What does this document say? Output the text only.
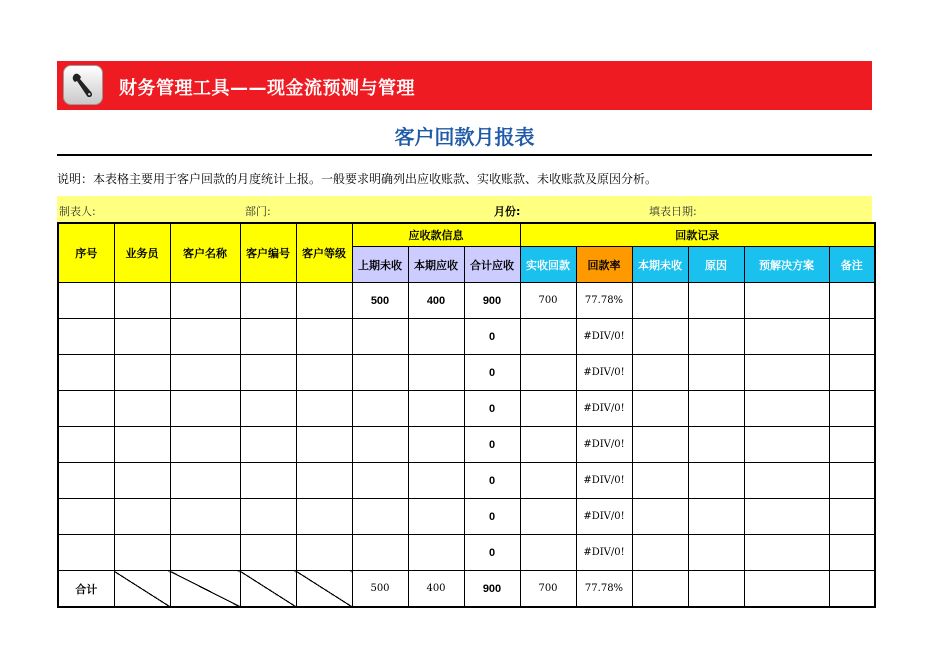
财务管理工具——现金流预测与管理
客户回款月报表
说明：本表格主要用于客户回款的月度统计上报。一般要求明确列出应收账款、实收账款、未收账款及原因分析。
制表人:	部门:	月份:	填表日期:
序号	业务员	客户名称	客户编号	客户等级	应收款信息			回款记录					
					上期未收	本期应收	合计应收	实收回款	回款率	本期未收	原因	预解决方案	备注
					500	400	900	700	77.78%				
							0		#DIV/0!				
							0		#DIV/0!				
							0		#DIV/0!				
							0		#DIV/0!				
							0		#DIV/0!				
							0		#DIV/0!				
							0		#DIV/0!				
合计					500	400	900	700	77.78%				
